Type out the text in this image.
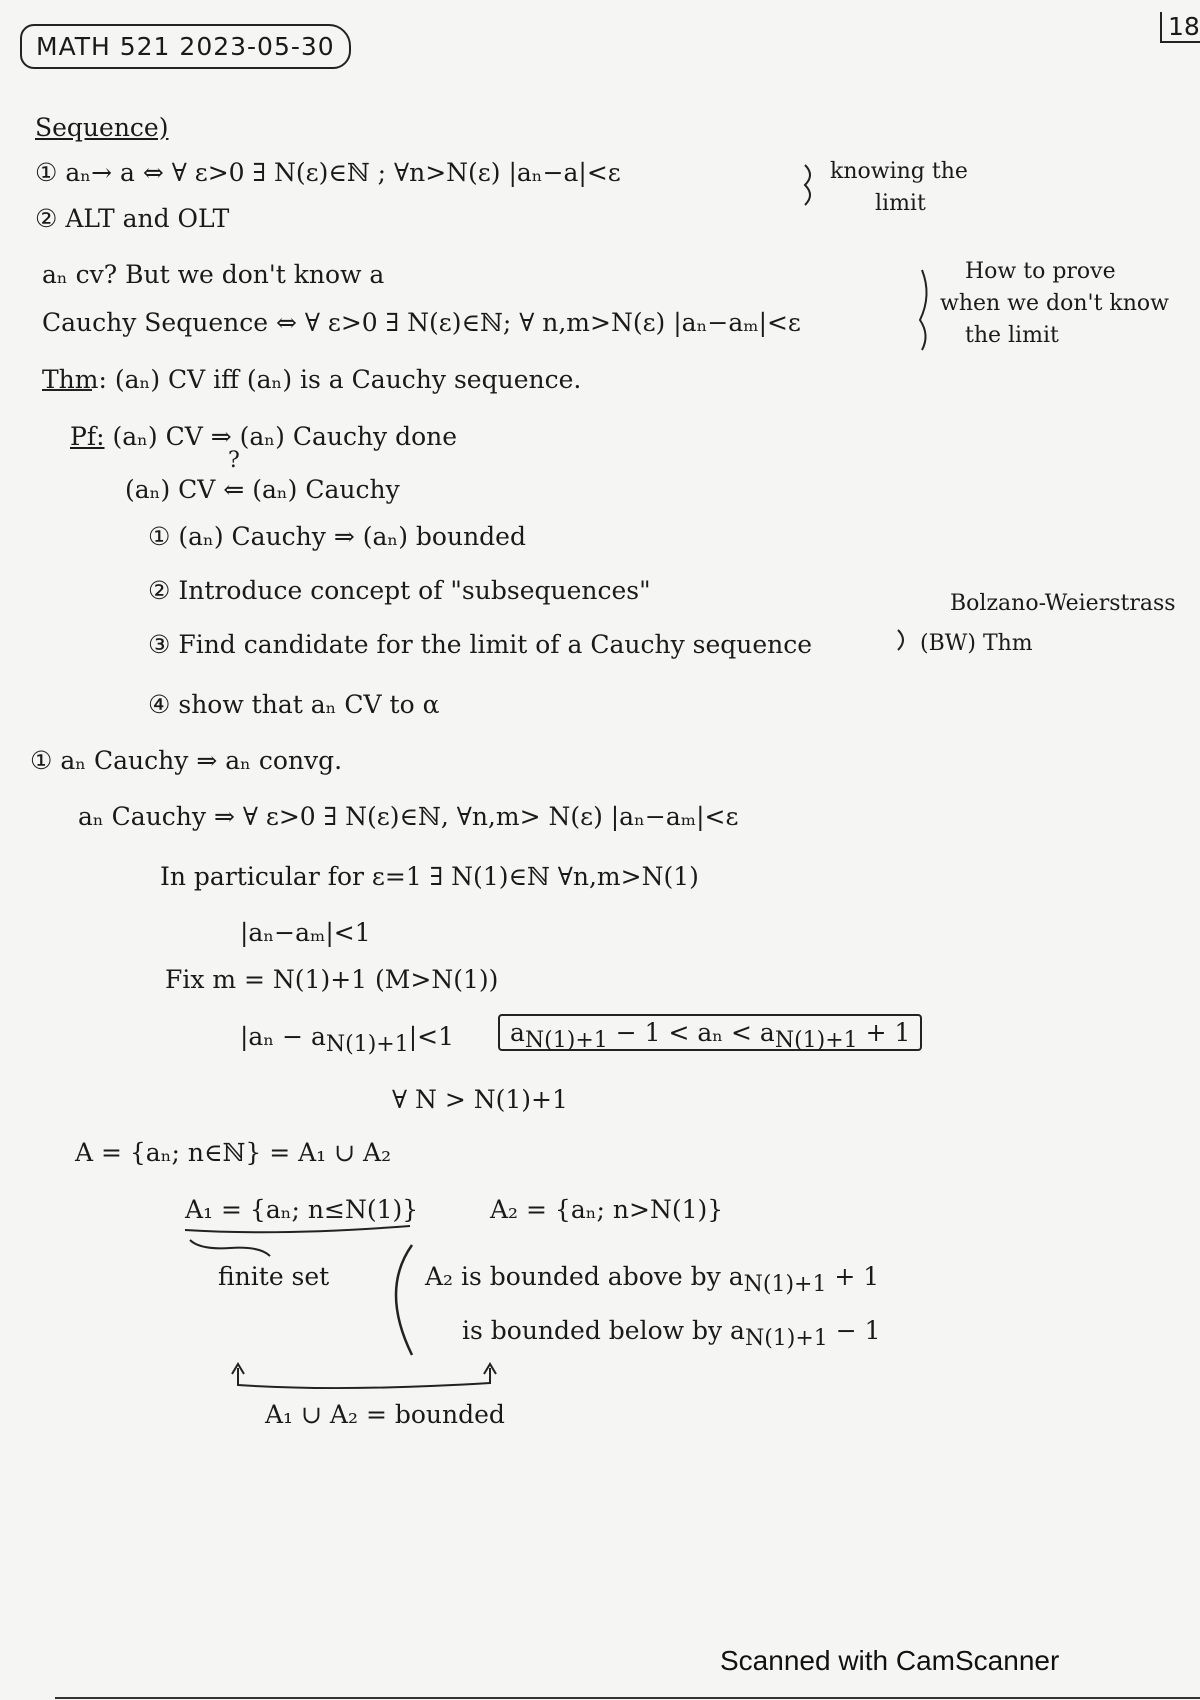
MATH 521 2023-05-30
18
Sequence)
① aₙ→ a ⇔ ∀ ε>0 ∃ N(ε)∈ℕ ; ∀n>N(ε) |aₙ−a|<ε	knowing the
limit
② ALT and OLT
aₙ cv? But we don't know a
Cauchy Sequence ⇔ ∀ ε>0 ∃ N(ε)∈ℕ; ∀ n,m>N(ε) |aₙ−aₘ|<ε
How to prove
when we don't know
the limit
Thm: (aₙ) CV iff (aₙ) is a Cauchy sequence.
Pf: (aₙ) CV ⇒ (aₙ) Cauchy done
?
(aₙ) CV ⇐ (aₙ) Cauchy
① (aₙ) Cauchy ⇒ (aₙ) bounded
② Introduce concept of "subsequences"
③ Find candidate for the limit of a Cauchy sequence
Bolzano-Weierstrass
(BW) Thm
④ show that aₙ CV to α
① aₙ Cauchy ⇒ aₙ convg.
aₙ Cauchy ⇒ ∀ ε>0 ∃ N(ε)∈ℕ, ∀n,m> N(ε) |aₙ−aₘ|<ε
In particular for ε=1 ∃ N(1)∈ℕ ∀n,m>N(1)
|aₙ−aₘ|<1
Fix m = N(1)+1 (M>N(1))
$|a_n - a_{N(1)+1}|<1$	$a_{N(1)+1} - 1 < a_n < a_{N(1)+1} + 1$
∀ N > N(1)+1
A = {aₙ; n∈ℕ} = A₁ ∪ A₂
A₁ = {aₙ; n≤N(1)}	A₂ = {aₙ; n>N(1)}
finite set	A₂ is bounded above by $a_{N(1)+1} + 1$
is bounded below by $a_{N(1)+1} - 1$
A₁ ∪ A₂ = bounded
Scanned with CamScanner
